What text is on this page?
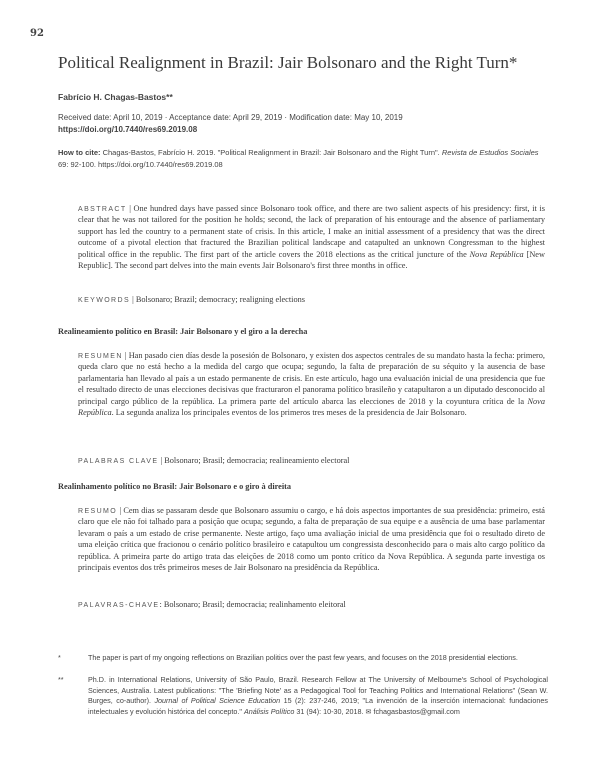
92
Political Realignment in Brazil: Jair Bolsonaro and the Right Turn*
Fabrício H. Chagas-Bastos**
Received date: April 10, 2019 · Acceptance date: April 29, 2019 · Modification date: May 10, 2019
https://doi.org/10.7440/res69.2019.08
How to cite: Chagas-Bastos, Fabrício H. 2019. "Political Realignment in Brazil: Jair Bolsonaro and the Right Turn". Revista de Estudios Sociales 69: 92-100. https://doi.org/10.7440/res69.2019.08

ABSTRACT | One hundred days have passed since Bolsonaro took office, and there are two salient aspects of his presidency: first, it is clear that he was not tailored for the position he holds; second, the lack of preparation of his entourage and the absence of parliamentary support has led the country to a permanent state of crisis. In this article, I make an initial assessment of a presidency that was the direct outcome of a pivotal election that fractured the Brazilian political landscape and catapulted an unknown Congressman to the highest political office in the republic. The first part of the article covers the 2018 elections as the critical juncture of the Nova República [New Republic]. The second part delves into the main events Jair Bolsonaro's first three months in office.

KEYWORDS | Bolsonaro; Brazil; democracy; realigning elections
Realineamiento político en Brasil: Jair Bolsonaro y el giro a la derecha

RESUMEN | Han pasado cien días desde la posesión de Bolsonaro, y existen dos aspectos centrales de su mandato hasta la fecha: primero, queda claro que no está hecho a la medida del cargo que ocupa; segundo, la falta de preparación de su séquito y la ausencia de base parlamentaria han llevado al país a un estado permanente de crisis. En este artículo, hago una evaluación inicial de una presidencia que fue el resultado directo de unas elecciones decisivas que fracturaron el panorama político brasileño y catapultaron a un diputado desconocido al principal cargo público de la república. La primera parte del artículo abarca las elecciones de 2018 y la coyuntura crítica de la Nova República. La segunda analiza los principales eventos de los primeros tres meses de la presidencia de Jair Bolsonaro.

PALABRAS CLAVE | Bolsonaro; Brasil; democracia; realineamiento electoral
Realinhamento político no Brasil: Jair Bolsonaro e o giro à direita

RESUMO | Cem dias se passaram desde que Bolsonaro assumiu o cargo, e há dois aspectos importantes de sua presidência: primeiro, está claro que ele não foi talhado para a posição que ocupa; segundo, a falta de preparação de sua equipe e a ausência de uma base parlamentar levaram o país a um estado de crise permanente. Neste artigo, faço uma avaliação inicial de uma presidência que foi o resultado direto de uma eleição crítica que fracionou o cenário político brasileiro e catapultou um congressista desconhecido para o mais alto cargo político da república. A primeira parte do artigo trata das eleições de 2018 como um ponto crítico da Nova República. A segunda parte investiga os principais eventos dos três primeiros meses de Jair Bolsonaro na presidência da República.

PALAVRAS-CHAVE: Bolsonaro; Brasil; democracia; realinhamento eleitoral
*	The paper is part of my ongoing reflections on Brazilian politics over the past few years, and focuses on the 2018 presidential elections.
**	Ph.D. in International Relations, University of São Paulo, Brazil. Research Fellow at The University of Melbourne's School of Psychological Sciences, Australia. Latest publications: "The 'Briefing Note' as a Pedagogical Tool for Teaching Politics and International Relations" (Sean W. Burges, co-author). Journal of Political Science Education 15 (2): 237-246, 2019; "La invención de la inserción internacional: fundaciones intelectuales y evolución histórica del concepto." Análisis Político 31 (94): 10-30, 2018. ✉ fchagasbastos@gmail.com
